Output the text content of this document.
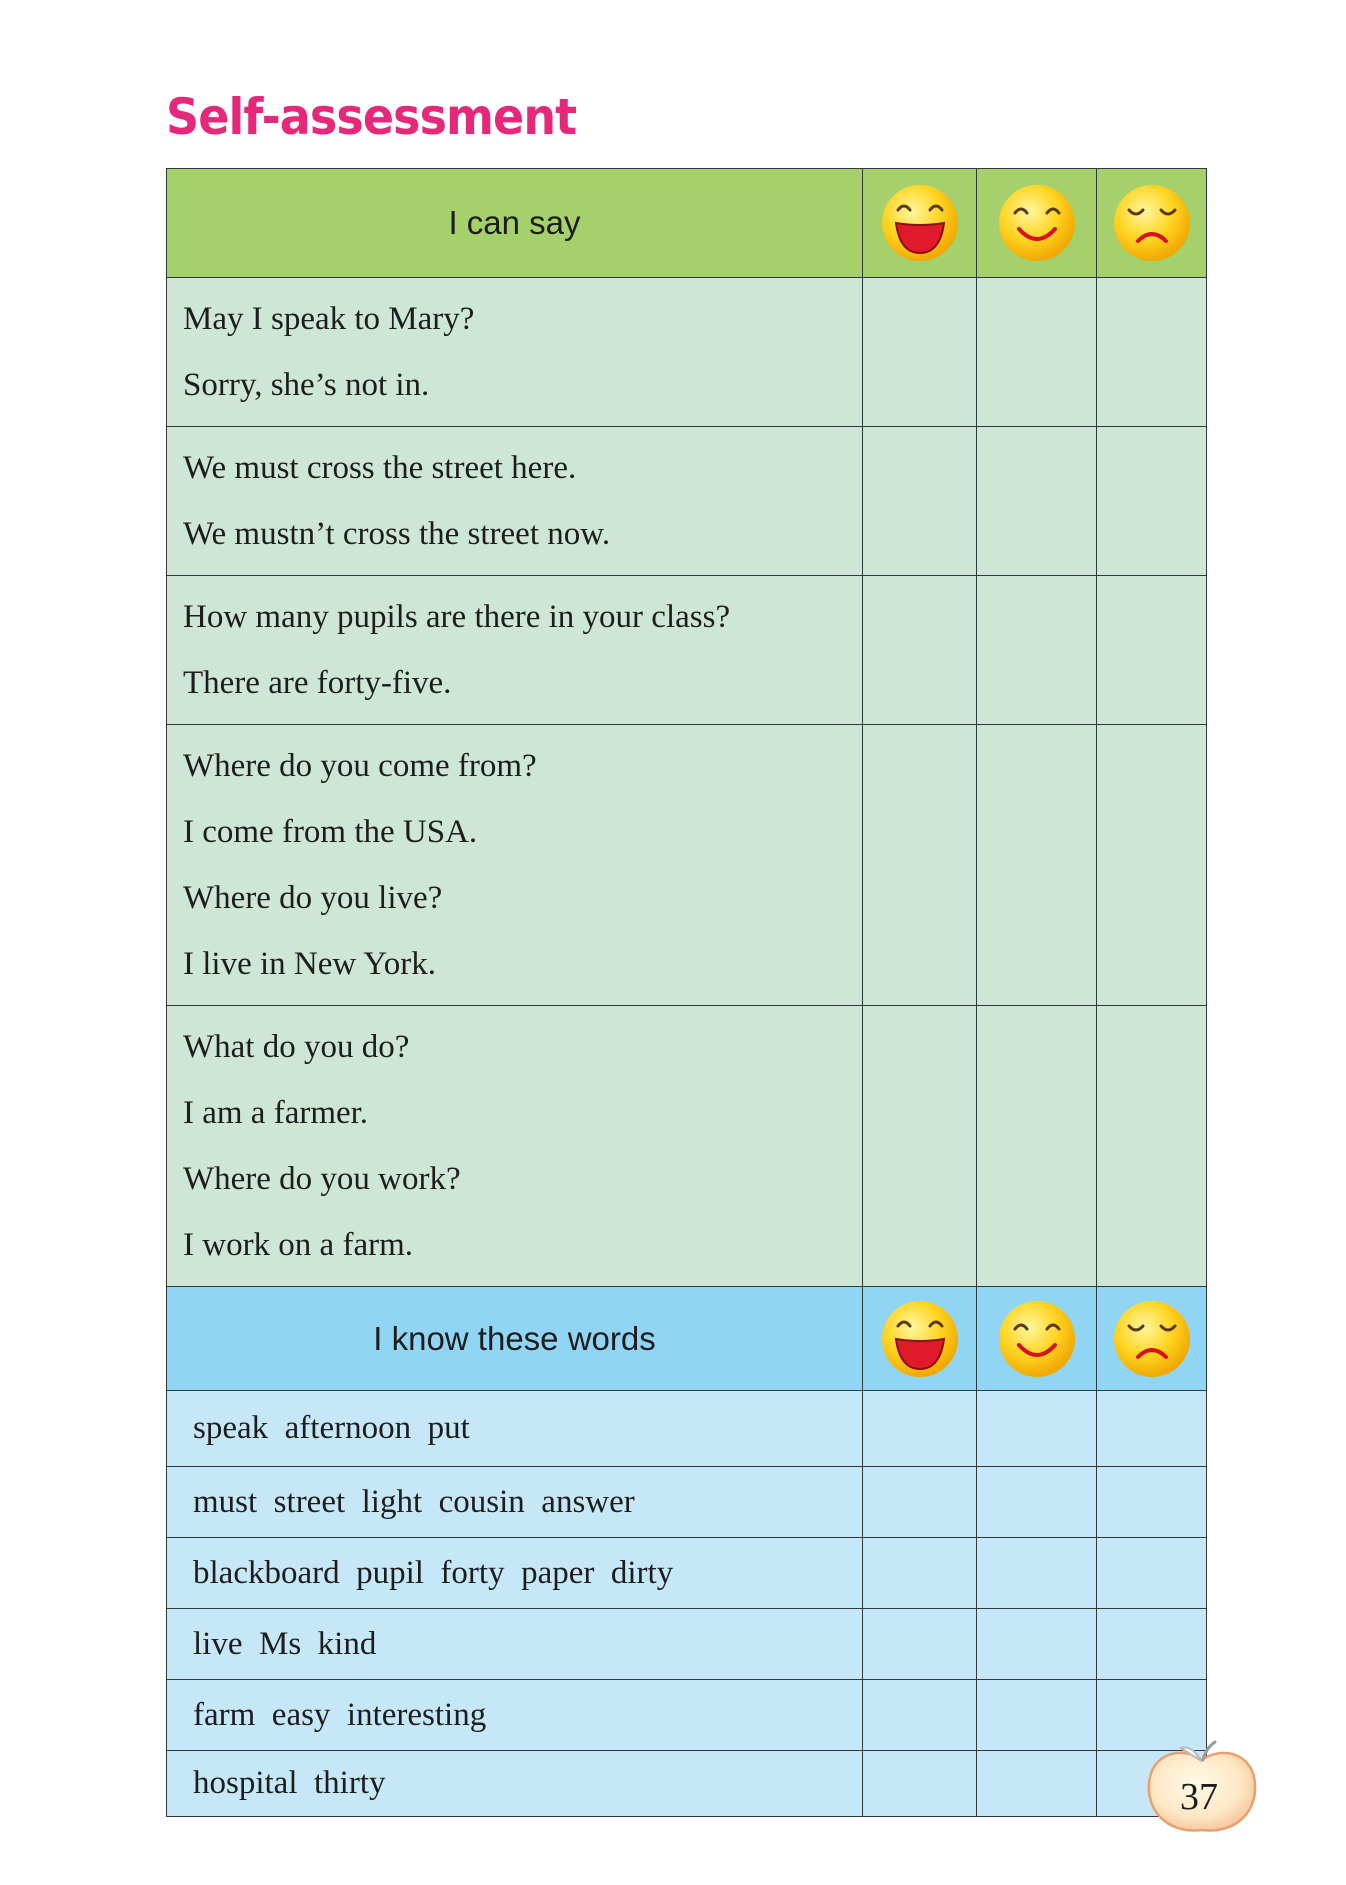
Self-assessment
I can say	

May I speak to Mary?
Sorry, she’s not in.			

We must cross the street here.
We mustn’t cross the street now.			

How many pupils are there in your class?
There are forty-five.			

Where do you come from?
I come from the USA.
Where do you live?
I live in New York.			

What do you do?
I am a farmer.
Where do you work?
I work on a farm.			

I know these words	

speak  afternoon  put			
must  street  light  cousin  answer			
blackboard  pupil  forty  paper  dirty			
live  Ms  kind			
farm  easy  interesting			
hospital  thirty				37
